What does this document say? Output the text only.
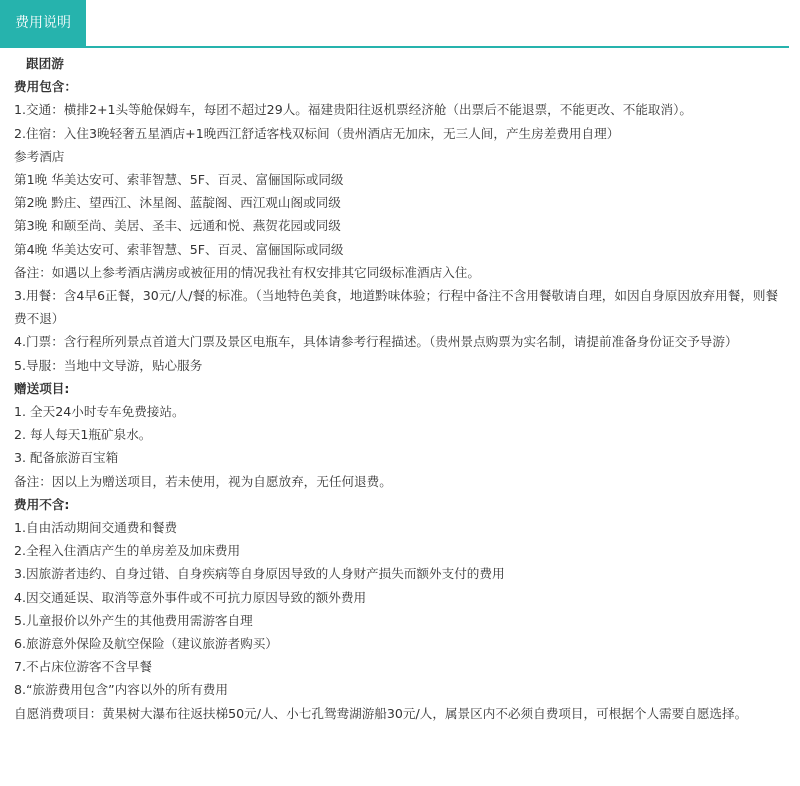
费用说明

跟团游

费用包含：

1.交通：横排2+1头等舱保姆车，每团不超过29人。福建贵阳往返机票经济舱（出票后不能退票，不能更改、不能取消）。

2.住宿：入住3晚轻奢五星酒店+1晚西江舒适客栈双标间（贵州酒店无加床，无三人间，产生房差费用自理）

参考酒店

第1晚 华美达安可、索菲智慧、5F、百灵、富俪国际或同级

第2晚 黔庄、望西江、沐星阁、蓝靛阁、西江观山阁或同级

第3晚 和颐至尚、美居、圣丰、远通和悦、燕贺花园或同级

第4晚 华美达安可、索菲智慧、5F、百灵、富俪国际或同级

备注：如遇以上参考酒店满房或被征用的情况我社有权安排其它同级标准酒店入住。

3.用餐：含4早6正餐，30元/人/餐的标准。（当地特色美食，地道黔味体验；行程中备注不含用餐敬请自理，如因自身原因放弃用餐，则餐费不退）

4.门票：含行程所列景点首道大门票及景区电瓶车，具体请参考行程描述。（贵州景点购票为实名制，请提前准备身份证交予导游）

5.导服：当地中文导游，贴心服务

赠送项目:

1. 全天24小时专车免费接站。

2. 每人每天1瓶矿泉水。

3. 配备旅游百宝箱

备注：因以上为赠送项目，若未使用，视为自愿放弃，无任何退费。

费用不含:

1.自由活动期间交通费和餐费

2.全程入住酒店产生的单房差及加床费用

3.因旅游者违约、自身过错、自身疾病等自身原因导致的人身财产损失而额外支付的费用

4.因交通延误、取消等意外事件或不可抗力原因导致的额外费用

5.儿童报价以外产生的其他费用需游客自理

6.旅游意外保险及航空保险（建议旅游者购买）

7.不占床位游客不含早餐

8.“旅游费用包含”内容以外的所有费用

自愿消费项目：黄果树大瀑布往返扶梯50元/人、小七孔鸳鸯湖游船30元/人，属景区内不必须自费项目，可根据个人需要自愿选择。
